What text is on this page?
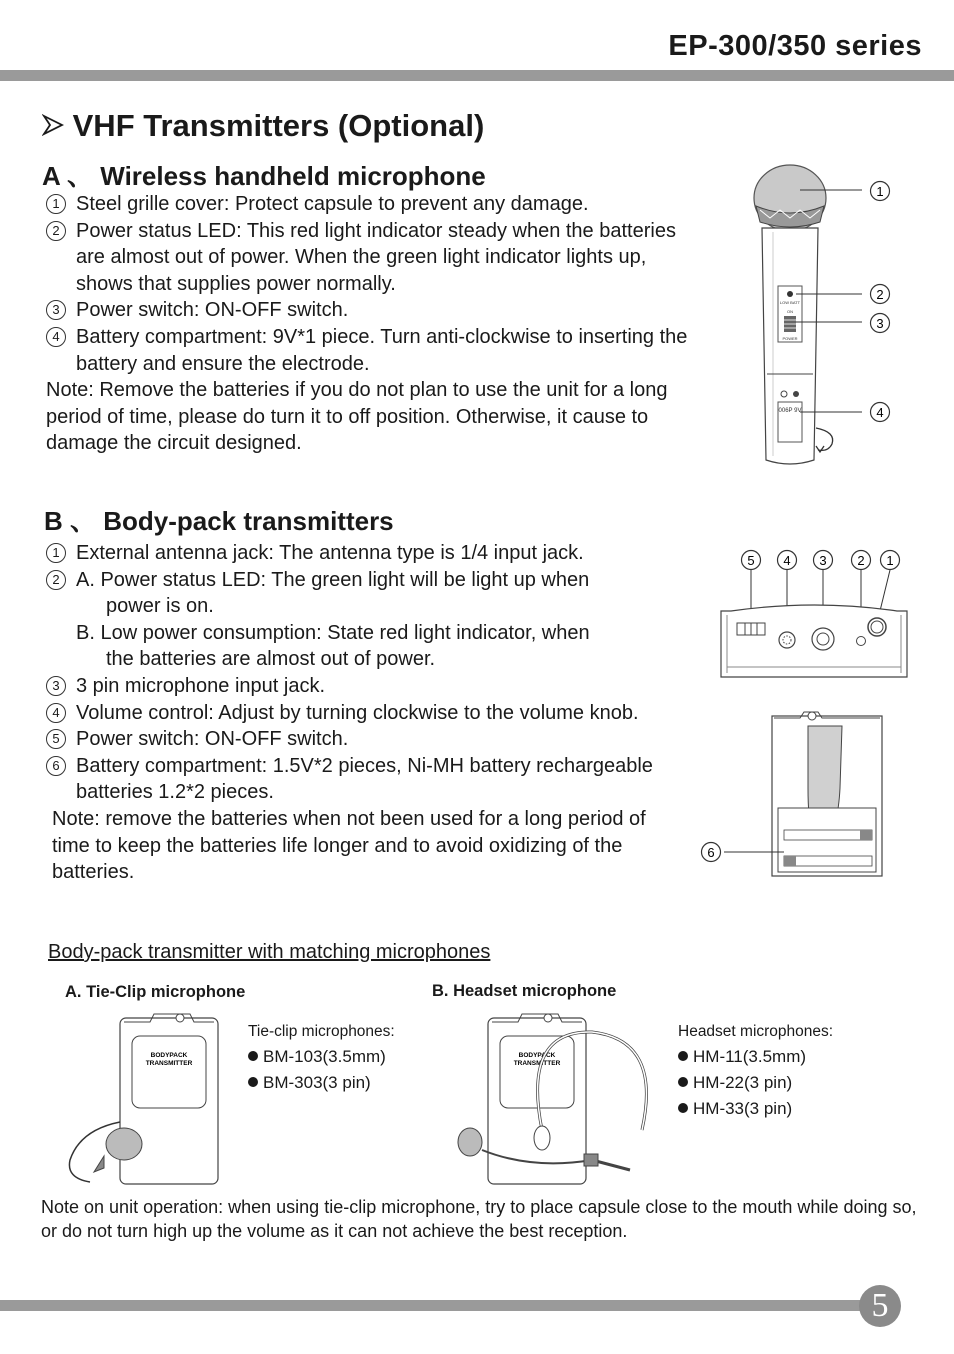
EP-300/350 series
VHF Transmitters (Optional)
A 、 Wireless handheld microphone
1 Steel grille cover: Protect capsule to prevent any damage.
2 Power status LED: This red light indicator steady when the batteries are almost out of power. When the green light indicator lights up, shows that supplies power normally.
3 Power switch: ON-OFF switch.
4 Battery compartment: 9V*1 piece. Turn anti-clockwise to inserting the battery and ensure the electrode.
Note: Remove the batteries if you do not plan to use the unit for a long period of time, please do turn it to off position. Otherwise, it cause to damage the circuit designed.
LOW BATT
ON
POWER
006P 9V
1
2
3
4
B 、 Body-pack transmitters
1 External antenna jack: The antenna type is 1/4 input jack.
2 A. Power status LED: The green light will be light up when
power is on.
B. Low power consumption: State red light indicator, when
the batteries are almost out of power.
3 3 pin microphone input jack.
4 Volume control: Adjust by turning clockwise to the volume knob.
5 Power switch: ON-OFF switch.
6 Battery compartment: 1.5V*2 pieces, Ni-MH battery rechargeable batteries 1.2*2 pieces.
Note: remove the batteries when not been used for a long period of time to keep the batteries life longer and to avoid oxidizing of the batteries.
5 4 3 2 1
6
Body-pack transmitter with matching microphones
A. Tie-Clip microphone	B. Headset microphone
BODYPACK
TRANSMITTER
Tie-clip microphones:
BM-103(3.5mm)
BM-303(3 pin)
BODYPACK
TRANSMITTER
Headset microphones:
HM-11(3.5mm)
HM-22(3 pin)
HM-33(3 pin)
Note on unit operation: when using tie-clip microphone, try to place capsule close to the mouth while doing so, or do not turn high up the volume as it can not achieve the best reception.
5
